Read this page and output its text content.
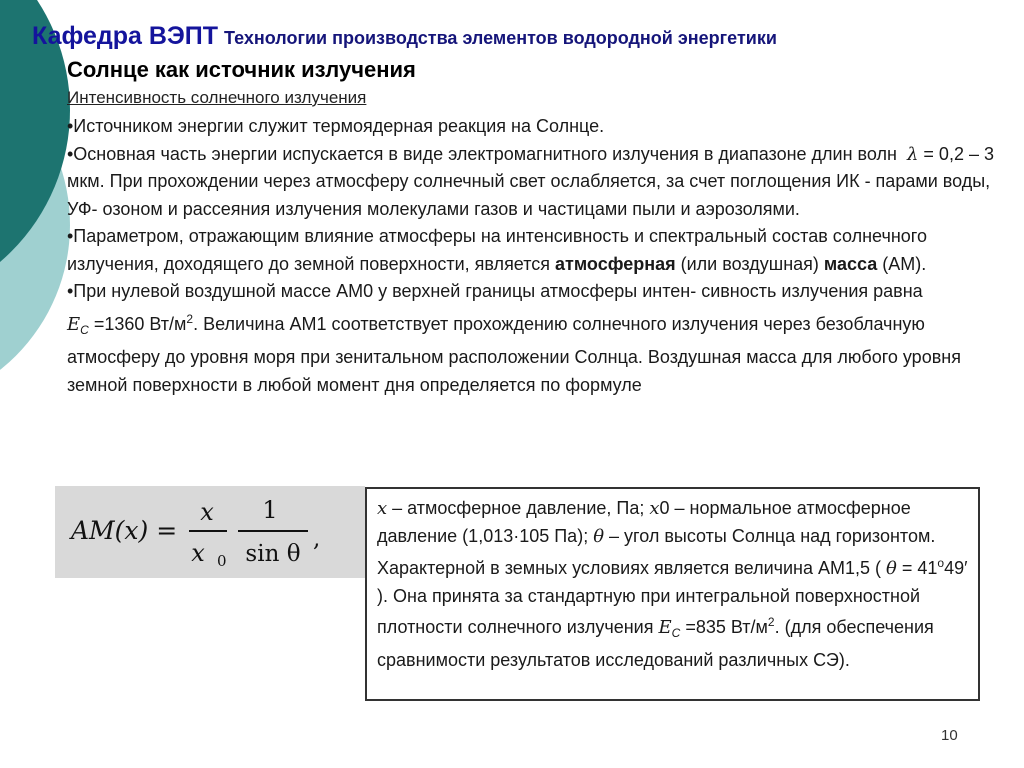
Кафедра ВЭПТ Технологии производства элементов водородной энергетики
Солнце как источник излучения
Интенсивность солнечного излучения

•Источником энергии служит термоядерная реакция на Солнце.

•Основная часть энергии испускается в виде электромагнитного излучения в диапазоне длин волн λ = 0,2 – 3 мкм. При прохождении через атмосферу солнечный свет ослабляется, за счет поглощения ИК - парами воды, УФ- озоном и рассеяния излучения молекулами газов и частицами пыли и аэрозолями.

•Параметром, отражающим влияние атмосферы на интенсивность и спектральный состав солнечного излучения, доходящего до земной поверхности, является атмосферная (или воздушная) масса (АМ).

•При нулевой воздушной массе АМ0 у верхней границы атмосферы интен- сивность излучения равна $E_C =1360$ $Вт/м^2$. Величина АМ1 соответствует прохождению солнечного излучения через безоблачную атмосферу до уровня моря при зенитальном расположении Солнца. Воздушная масса для любого уровня земной поверхности в любой момент дня определяется по формуле

AM(x) =
x
x 0
1
sin θ
,

x – атмосферное давление, Па; x0 – нормальное атмосферное давление (1,013·105 Па); θ – угол высоты Солнца над горизонтом.

Характерной в земных условиях является величина АМ1,5 ( $\theta = 41^о49'$ ). Она принята за стандартную при интегральной поверхностной плотности солнечного излучения $E_C =835$ $Вт/м^2$. (для обеспечения сравнимости результатов исследований различных СЭ).

10
